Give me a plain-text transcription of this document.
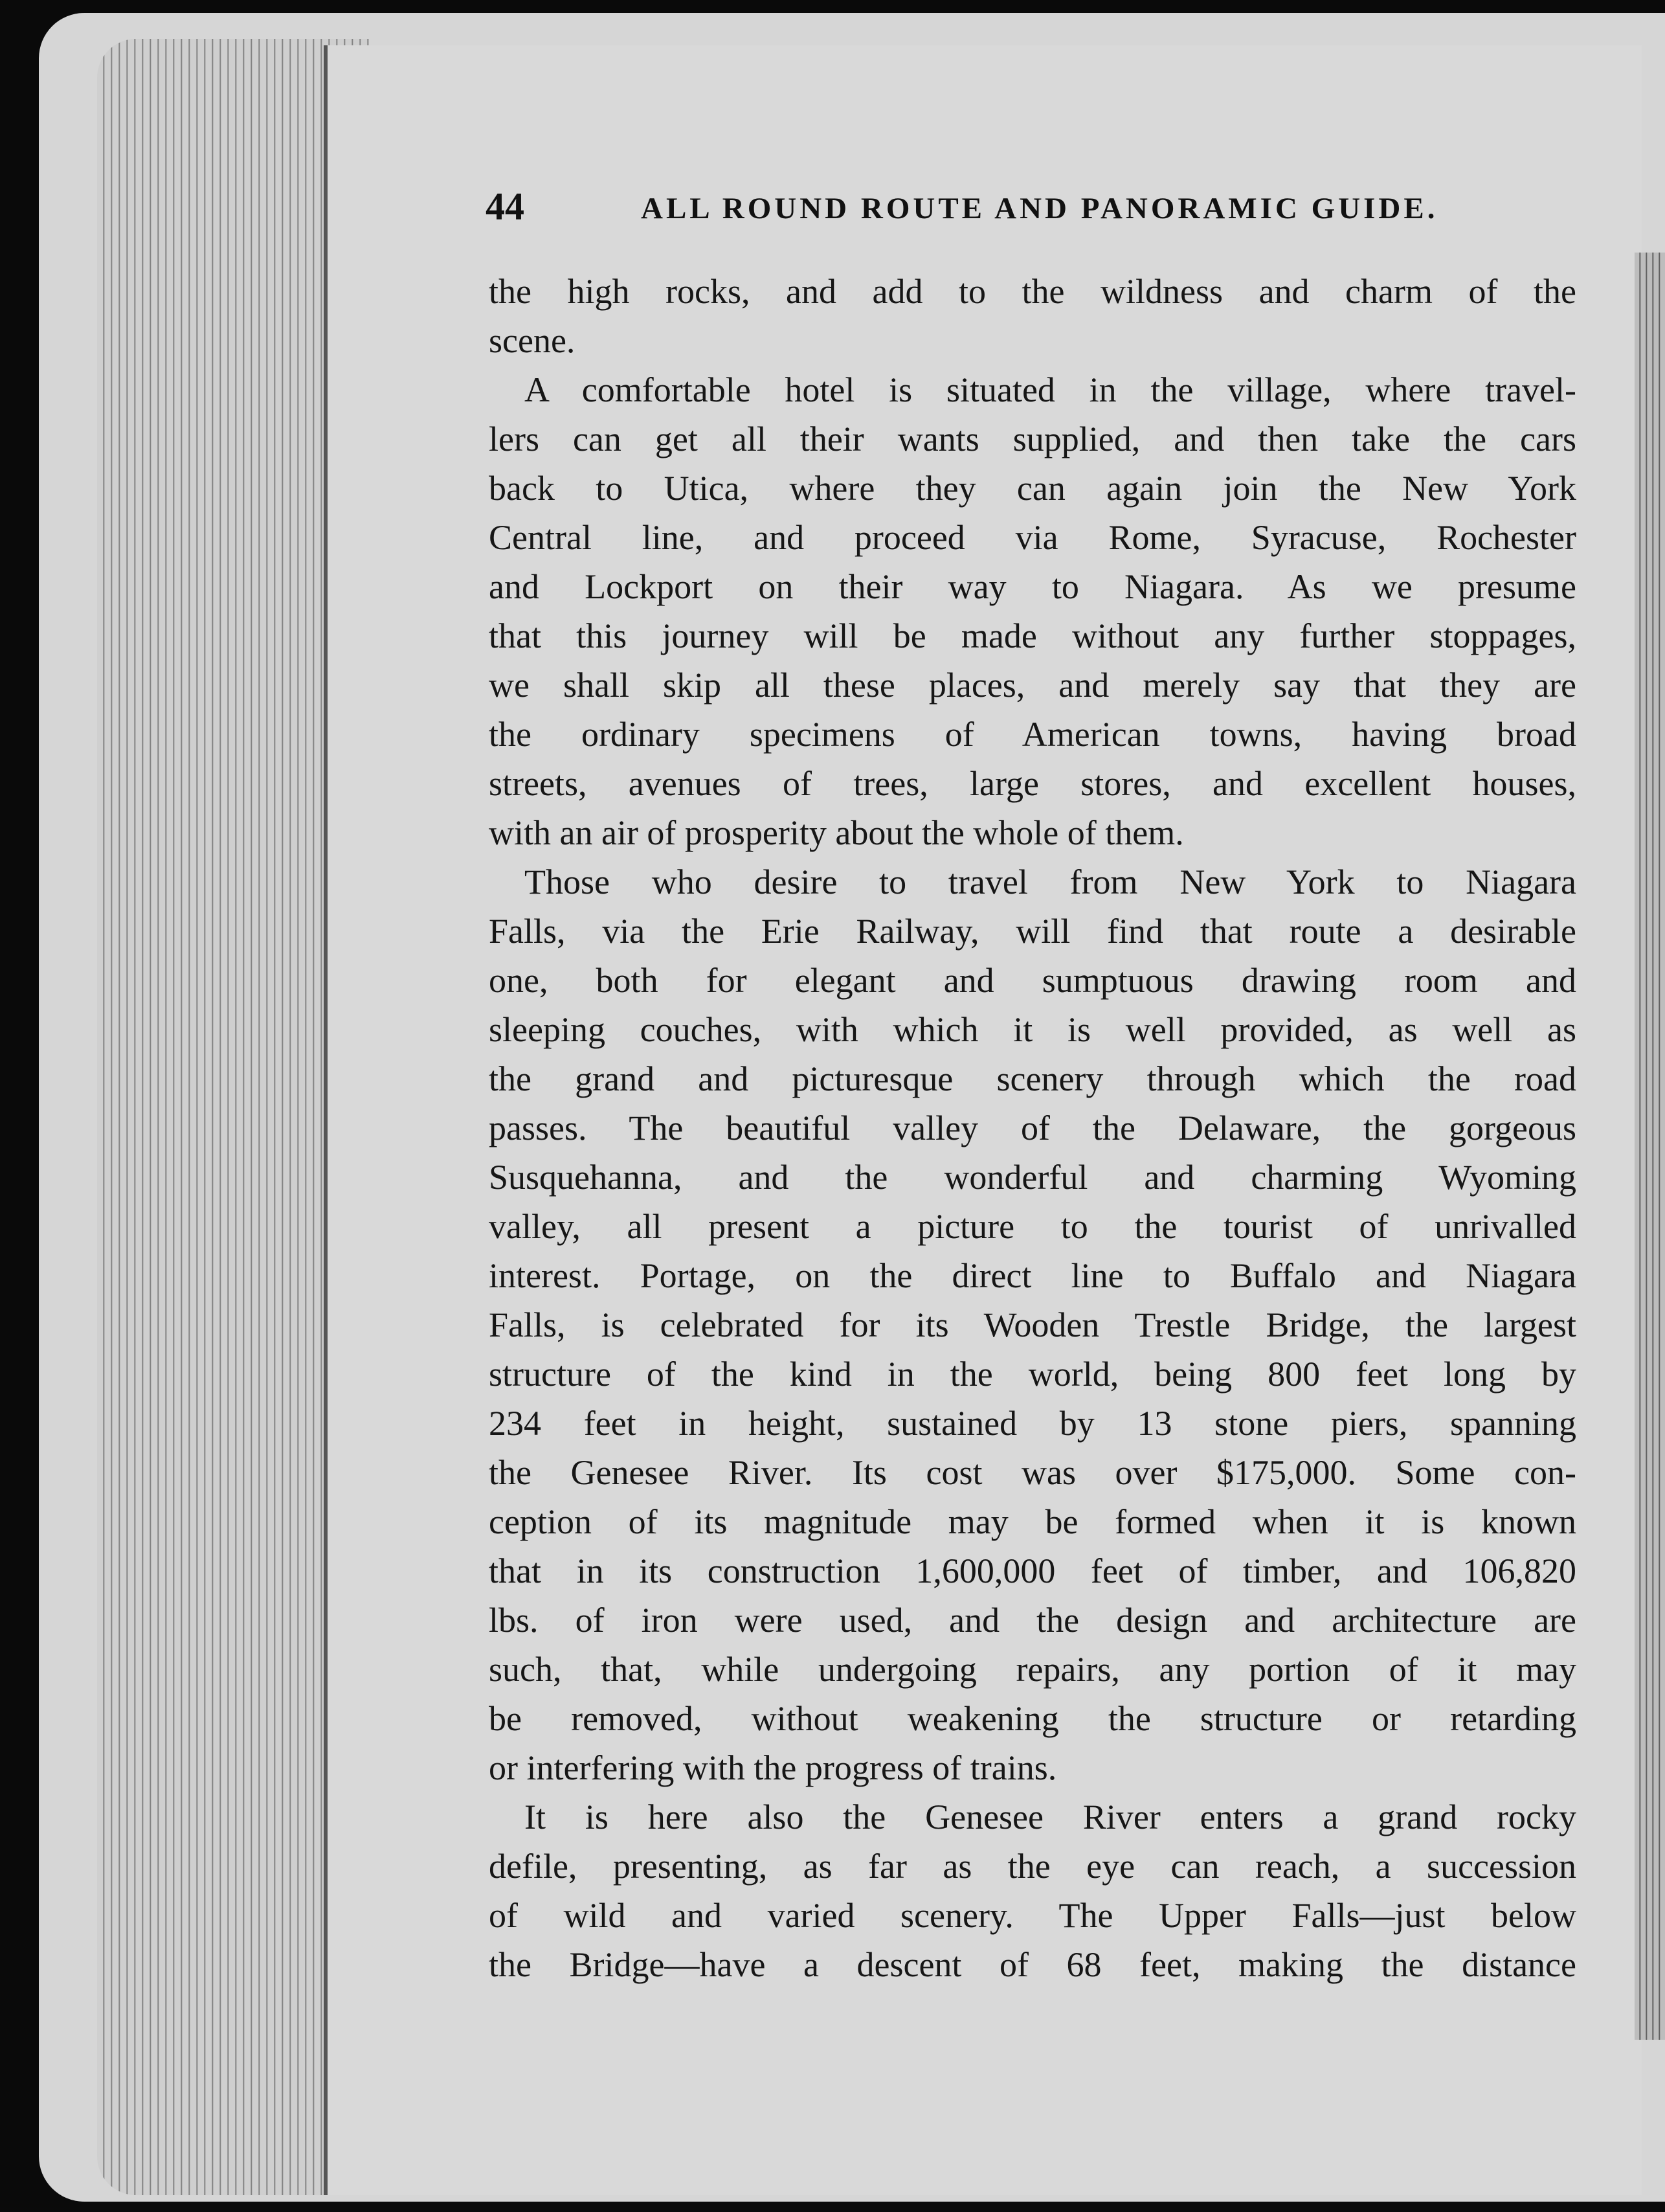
44	ALL ROUND ROUTE AND PANORAMIC GUIDE.
the high rocks, and add to the wildness and charm of the
scene.
A comfortable hotel is situated in the village, where travel-
lers can get all their wants supplied, and then take the cars
back to Utica, where they can again join the New York
Central line, and proceed via Rome, Syracuse, Rochester
and Lockport on their way to Niagara. As we presume
that this journey will be made without any further stoppages,
we shall skip all these places, and merely say that they are
the ordinary specimens of American towns, having broad
streets, avenues of trees, large stores, and excellent houses,
with an air of prosperity about the whole of them.
Those who desire to travel from New York to Niagara
Falls, via the Erie Railway, will find that route a desirable
one, both for elegant and sumptuous drawing room and
sleeping couches, with which it is well provided, as well as
the grand and picturesque scenery through which the road
passes. The beautiful valley of the Delaware, the gorgeous
Susquehanna, and the wonderful and charming Wyoming
valley, all present a picture to the tourist of unrivalled
interest. Portage, on the direct line to Buffalo and Niagara
Falls, is celebrated for its Wooden Trestle Bridge, the largest
structure of the kind in the world, being 800 feet long by
234 feet in height, sustained by 13 stone piers, spanning
the Genesee River. Its cost was over $175,000. Some con-
ception of its magnitude may be formed when it is known
that in its construction 1,600,000 feet of timber, and 106,820
lbs. of iron were used, and the design and architecture are
such, that, while undergoing repairs, any portion of it may
be removed, without weakening the structure or retarding
or interfering with the progress of trains.
It is here also the Genesee River enters a grand rocky
defile, presenting, as far as the eye can reach, a succession
of wild and varied scenery. The Upper Falls—just below
the Bridge—have a descent of 68 feet, making the distance
